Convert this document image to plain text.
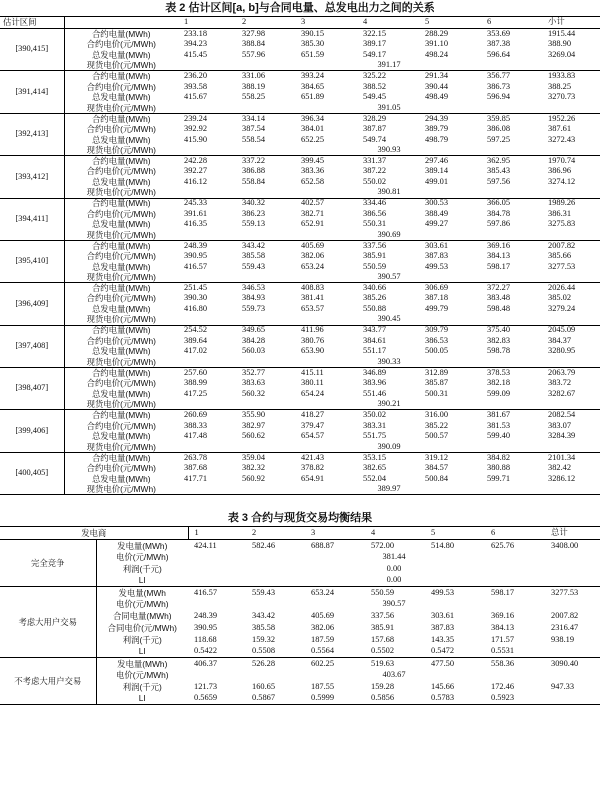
表 2 估计区间[a, b]与合同电量、总发电出力之间的关系
估计区间		1	2	3	4	5	6	小计
[390,415]	合约电量(MWh)	233.18	327.98	390.15	322.15	288.29	353.69	1915.44
	合约电价(元/MWh)	394.23	388.84	385.30	389.17	391.10	387.38	388.90
	总发电量(MWh)	415.45	557.96	651.59	549.17	498.24	596.64	3269.04
	现货电价(元/MWh)	391.17						
[391,414]	合约电量(MWh)	236.20	331.06	393.24	325.22	291.34	356.77	1933.83
	合约电价(元/MWh)	393.58	388.19	384.65	388.52	390.44	386.73	388.25
	总发电量(MWh)	415.67	558.25	651.89	549.45	498.49	596.94	3270.73
	现货电价(元/MWh)	391.05						
[392,413]	合约电量(MWh)	239.24	334.14	396.34	328.29	294.39	359.85	1952.26
	合约电价(元/MWh)	392.92	387.54	384.01	387.87	389.79	386.08	387.61
	总发电量(MWh)	415.90	558.54	652.25	549.74	498.79	597.25	3272.43
	现货电价(元/MWh)	390.93						
[393,412]	合约电量(MWh)	242.28	337.22	399.45	331.37	297.46	362.95	1970.74
	合约电价(元/MWh)	392.27	386.88	383.36	387.22	389.14	385.43	386.96
	总发电量(MWh)	416.12	558.84	652.58	550.02	499.01	597.56	3274.12
	现货电价(元/MWh)	390.81						
[394,411]	合约电量(MWh)	245.33	340.32	402.57	334.46	300.53	366.05	1989.26
	合约电价(元/MWh)	391.61	386.23	382.71	386.56	388.49	384.78	386.31
	总发电量(MWh)	416.35	559.13	652.91	550.31	499.27	597.86	3275.83
	现货电价(元/MWh)	390.69						
[395,410]	合约电量(MWh)	248.39	343.42	405.69	337.56	303.61	369.16	2007.82
	合约电价(元/MWh)	390.95	385.58	382.06	385.91	387.83	384.13	385.66
	总发电量(MWh)	416.57	559.43	653.24	550.59	499.53	598.17	3277.53
	现货电价(元/MWh)	390.57						
[396,409]	合约电量(MWh)	251.45	346.53	408.83	340.66	306.69	372.27	2026.44
	合约电价(元/MWh)	390.30	384.93	381.41	385.26	387.18	383.48	385.02
	总发电量(MWh)	416.80	559.73	653.57	550.88	499.79	598.48	3279.24
	现货电价(元/MWh)	390.45						
[397,408]	合约电量(MWh)	254.52	349.65	411.96	343.77	309.79	375.40	2045.09
	合约电价(元/MWh)	389.64	384.28	380.76	384.61	386.53	382.83	384.37
	总发电量(MWh)	417.02	560.03	653.90	551.17	500.05	598.78	3280.95
	现货电价(元/MWh)	390.33						
[398,407]	合约电量(MWh)	257.60	352.77	415.11	346.89	312.89	378.53	2063.79
	合约电价(元/MWh)	388.99	383.63	380.11	383.96	385.87	382.18	383.72
	总发电量(MWh)	417.25	560.32	654.24	551.46	500.31	599.09	3282.67
	现货电价(元/MWh)	390.21						
[399,406]	合约电量(MWh)	260.69	355.90	418.27	350.02	316.00	381.67	2082.54
	合约电价(元/MWh)	388.33	382.97	379.47	383.31	385.22	381.53	383.07
	总发电量(MWh)	417.48	560.62	654.57	551.75	500.57	599.40	3284.39
	现货电价(元/MWh)	390.09						
[400,405]	合约电量(MWh)	263.78	359.04	421.43	353.15	319.12	384.82	2101.34
	合约电价(元/MWh)	387.68	382.32	378.82	382.65	384.57	380.88	382.42
	总发电量(MWh)	417.71	560.92	654.91	552.04	500.84	599.71	3286.12
	现货电价(元/MWh)	389.97						
表 3 合约与现货交易均衡结果
发电商		1	2	3	4	5	6	总计
完全竞争	发电量(MWh)	424.11	582.46	688.87	572.00	514.80	625.76	3408.00
	电价(元/MWh)	381.44						
	利润(千元)	0.00						
	LI	0.00						
考虑大用户交易	发电量(MWh	416.57	559.43	653.24	550.59	499.53	598.17	3277.53
	电价(元/MWh)	390.57						
	合同电量(MWh)	248.39	343.42	405.69	337.56	303.61	369.16	2007.82
	合同电价(元/MWh)	390.95	385.58	382.06	385.91	387.83	384.13	2316.47
	利润(千元)	118.68	159.32	187.59	157.68	143.35	171.57	938.19
	LI	0.5422	0.5508	0.5564	0.5502	0.5472	0.5531	
不考虑大用户交易	发电量(MWh)	406.37	526.28	602.25	519.63	477.50	558.36	3090.40
	电价(元/MWh)	403.67						
	利润(千元)	121.73	160.65	187.55	159.28	145.66	172.46	947.33
	LI	0.5659	0.5867	0.5999	0.5856	0.5783	0.5923	
